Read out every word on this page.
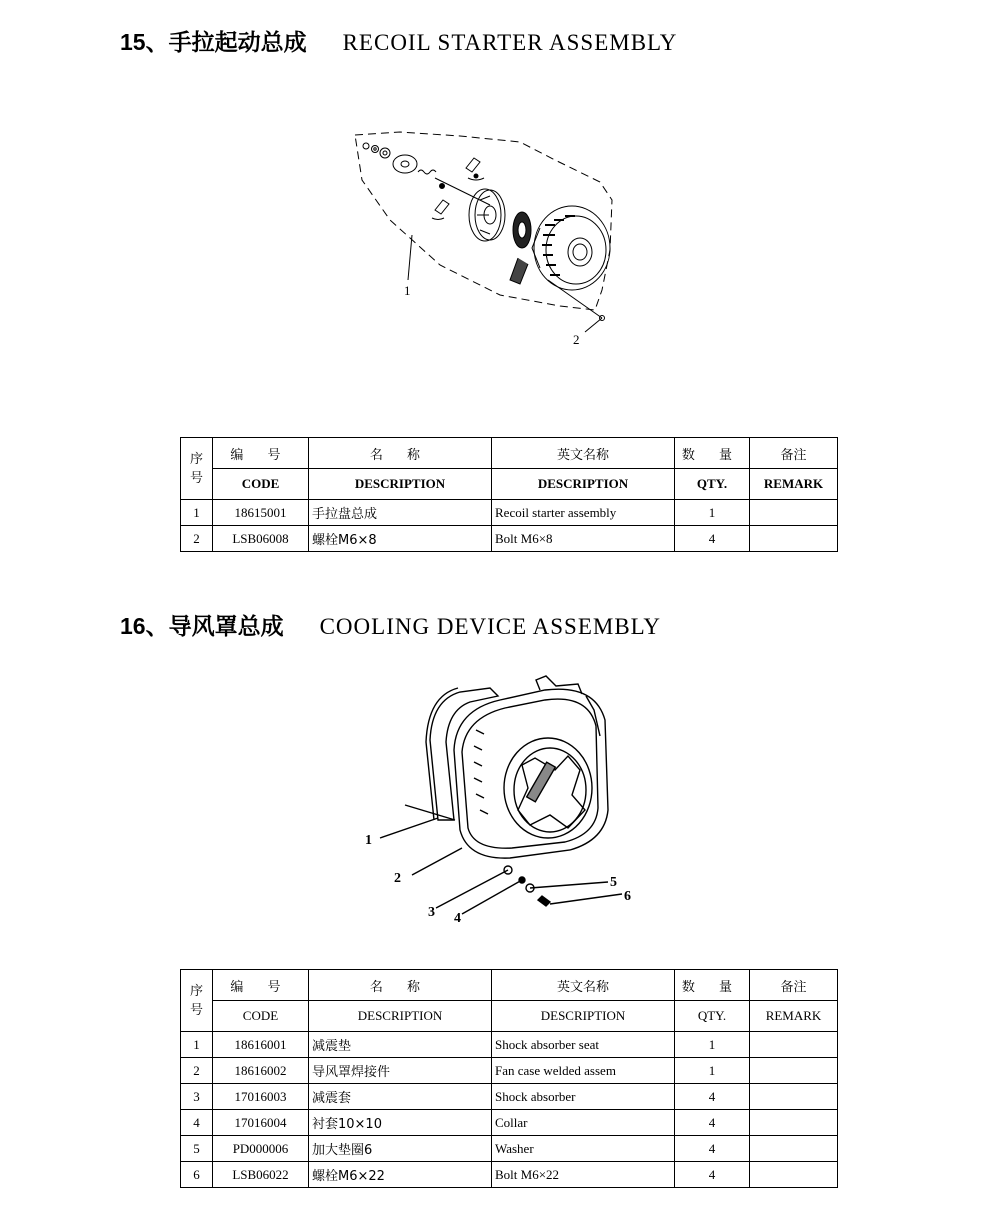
15、手拉起动总成 RECOIL STARTER ASSEMBLY
1
2
序
号	编 号	名 称	英文名称	数 量	备注
	CODE	DESCRIPTION	DESCRIPTION	QTY.	REMARK
1	18615001	手拉盘总成	Recoil starter assembly	1	
2	LSB06008	螺栓M6×8	Bolt M6×8	4	
16、导风罩总成 COOLING DEVICE ASSEMBLY
1
2
3 4
5
6
序
号	编 号	名 称	英文名称	数 量	备注
	CODE	DESCRIPTION	DESCRIPTION	QTY.	REMARK
1	18616001	减震垫	Shock absorber seat	1	
2	18616002	导风罩焊接件	Fan case welded assem	1	
3	17016003	减震套	Shock absorber	4	
4	17016004	衬套10×10	Collar	4	
5	PD000006	加大垫圈6	Washer	4	
6	LSB06022	螺栓M6×22	Bolt M6×22	4	
